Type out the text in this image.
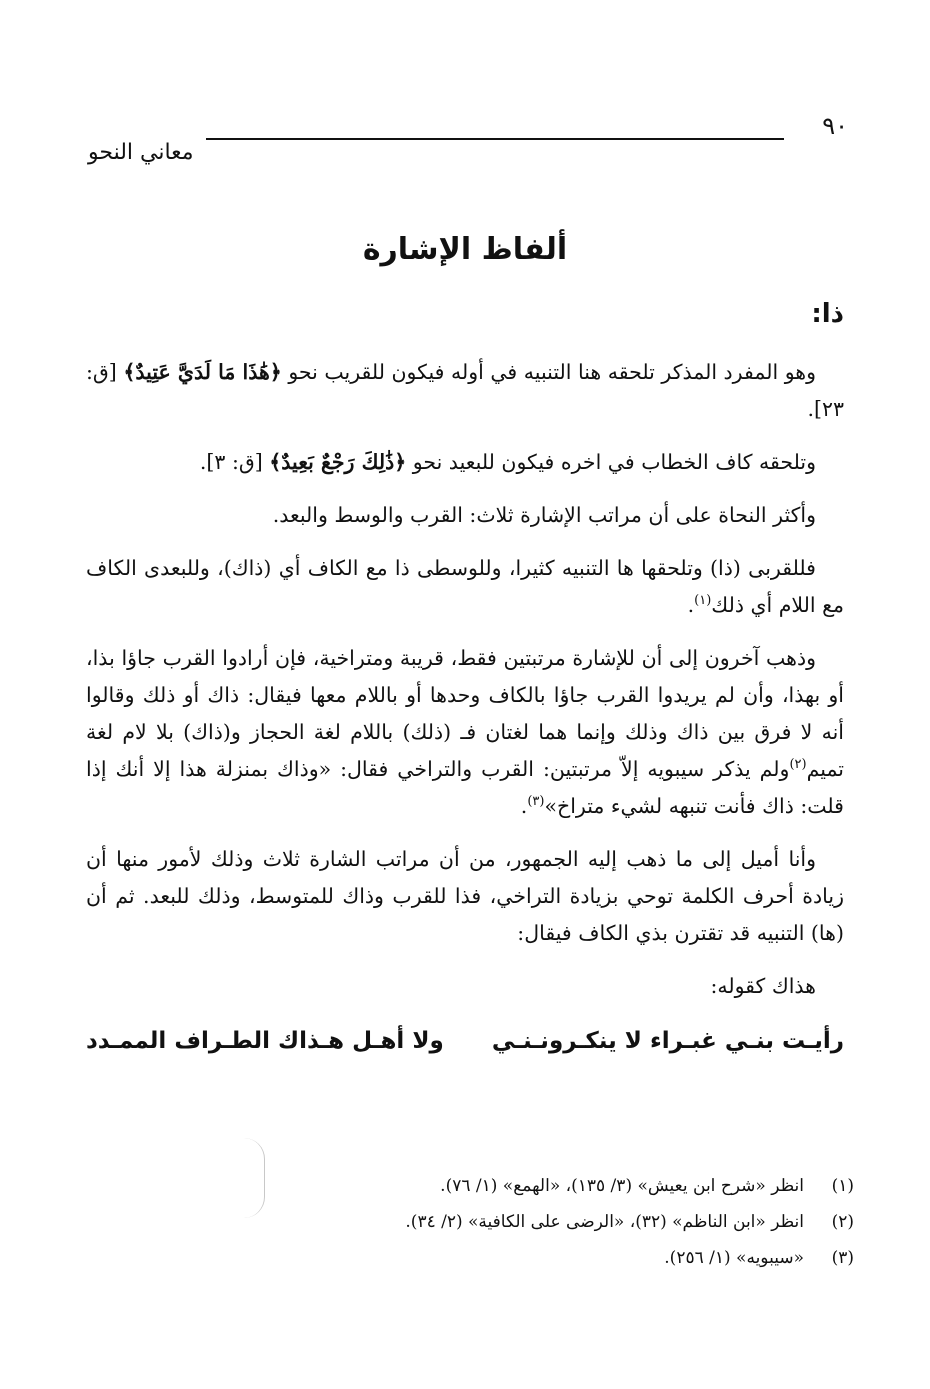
٩٠
معاني النحو
ألفاظ الإشارة
ذا:

وهو المفرد المذكر تلحقه هنا التنبيه في أوله فيكون للقريب نحو ﴿هَٰذَا مَا لَدَيَّ عَتِيدٌ﴾ [ق: ٢٣].

وتلحقه كاف الخطاب في اخره فيكون للبعيد نحو ﴿ذَٰلِكَ رَجْعٌ بَعِيدٌ﴾ [ق: ٣].

وأكثر النحاة على أن مراتب الإشارة ثلاث: القرب والوسط والبعد.

فللقربى (ذا) وتلحقها ها التنبيه كثيرا، وللوسطى ذا مع الكاف أي (ذاك)، وللبعدى الكاف مع اللام أي ذلك$^{(١)}$.

وذهب آخرون إلى أن للإشارة مرتبتين فقط، قريبة ومتراخية، فإن أرادوا القرب جاؤا بذا، أو بهذا، وأن لم يريدوا القرب جاؤا بالكاف وحدها أو باللام معها فيقال: ذاك أو ذلك وقالوا أنه لا فرق بين ذاك وذلك وإنما هما لغتان فـ (ذلك) باللام لغة الحجاز و(ذاك) بلا لام لغة تميم$^{(٢)}$ولم يذكر سيبويه إلاّ مرتبتين: القرب والتراخي فقال: «وذاك بمنزلة هذا إلا أنك إذا قلت: ذاك فأنت تنبهه لشيء متراخ»$^{(٣)}$.

وأنا أميل إلى ما ذهب إليه الجمهور، من أن مراتب الشارة ثلاث وذلك لأمور منها أن زيادة أحرف الكلمة توحي بزيادة التراخي، فذا للقرب وذاك للمتوسط، وذلك للبعد. ثم أن (ها) التنبيه قد تقترن بذي الكاف فيقال:

هذاك كقوله:

رأيـت بنـي غبـراء لا ينكـرونـنـي
ولا أهـل هـذاك الطـراف الممـدد
(١)
انظر «شرح ابن يعيش» (٣/ ١٣٥)، «الهمع» (١/ ٧٦).
(٢)
انظر «ابن الناظم» (٣٢)، «الرضى على الكافية» (٢/ ٣٤).
(٣)
«سيبويه» (١/ ٢٥٦).
